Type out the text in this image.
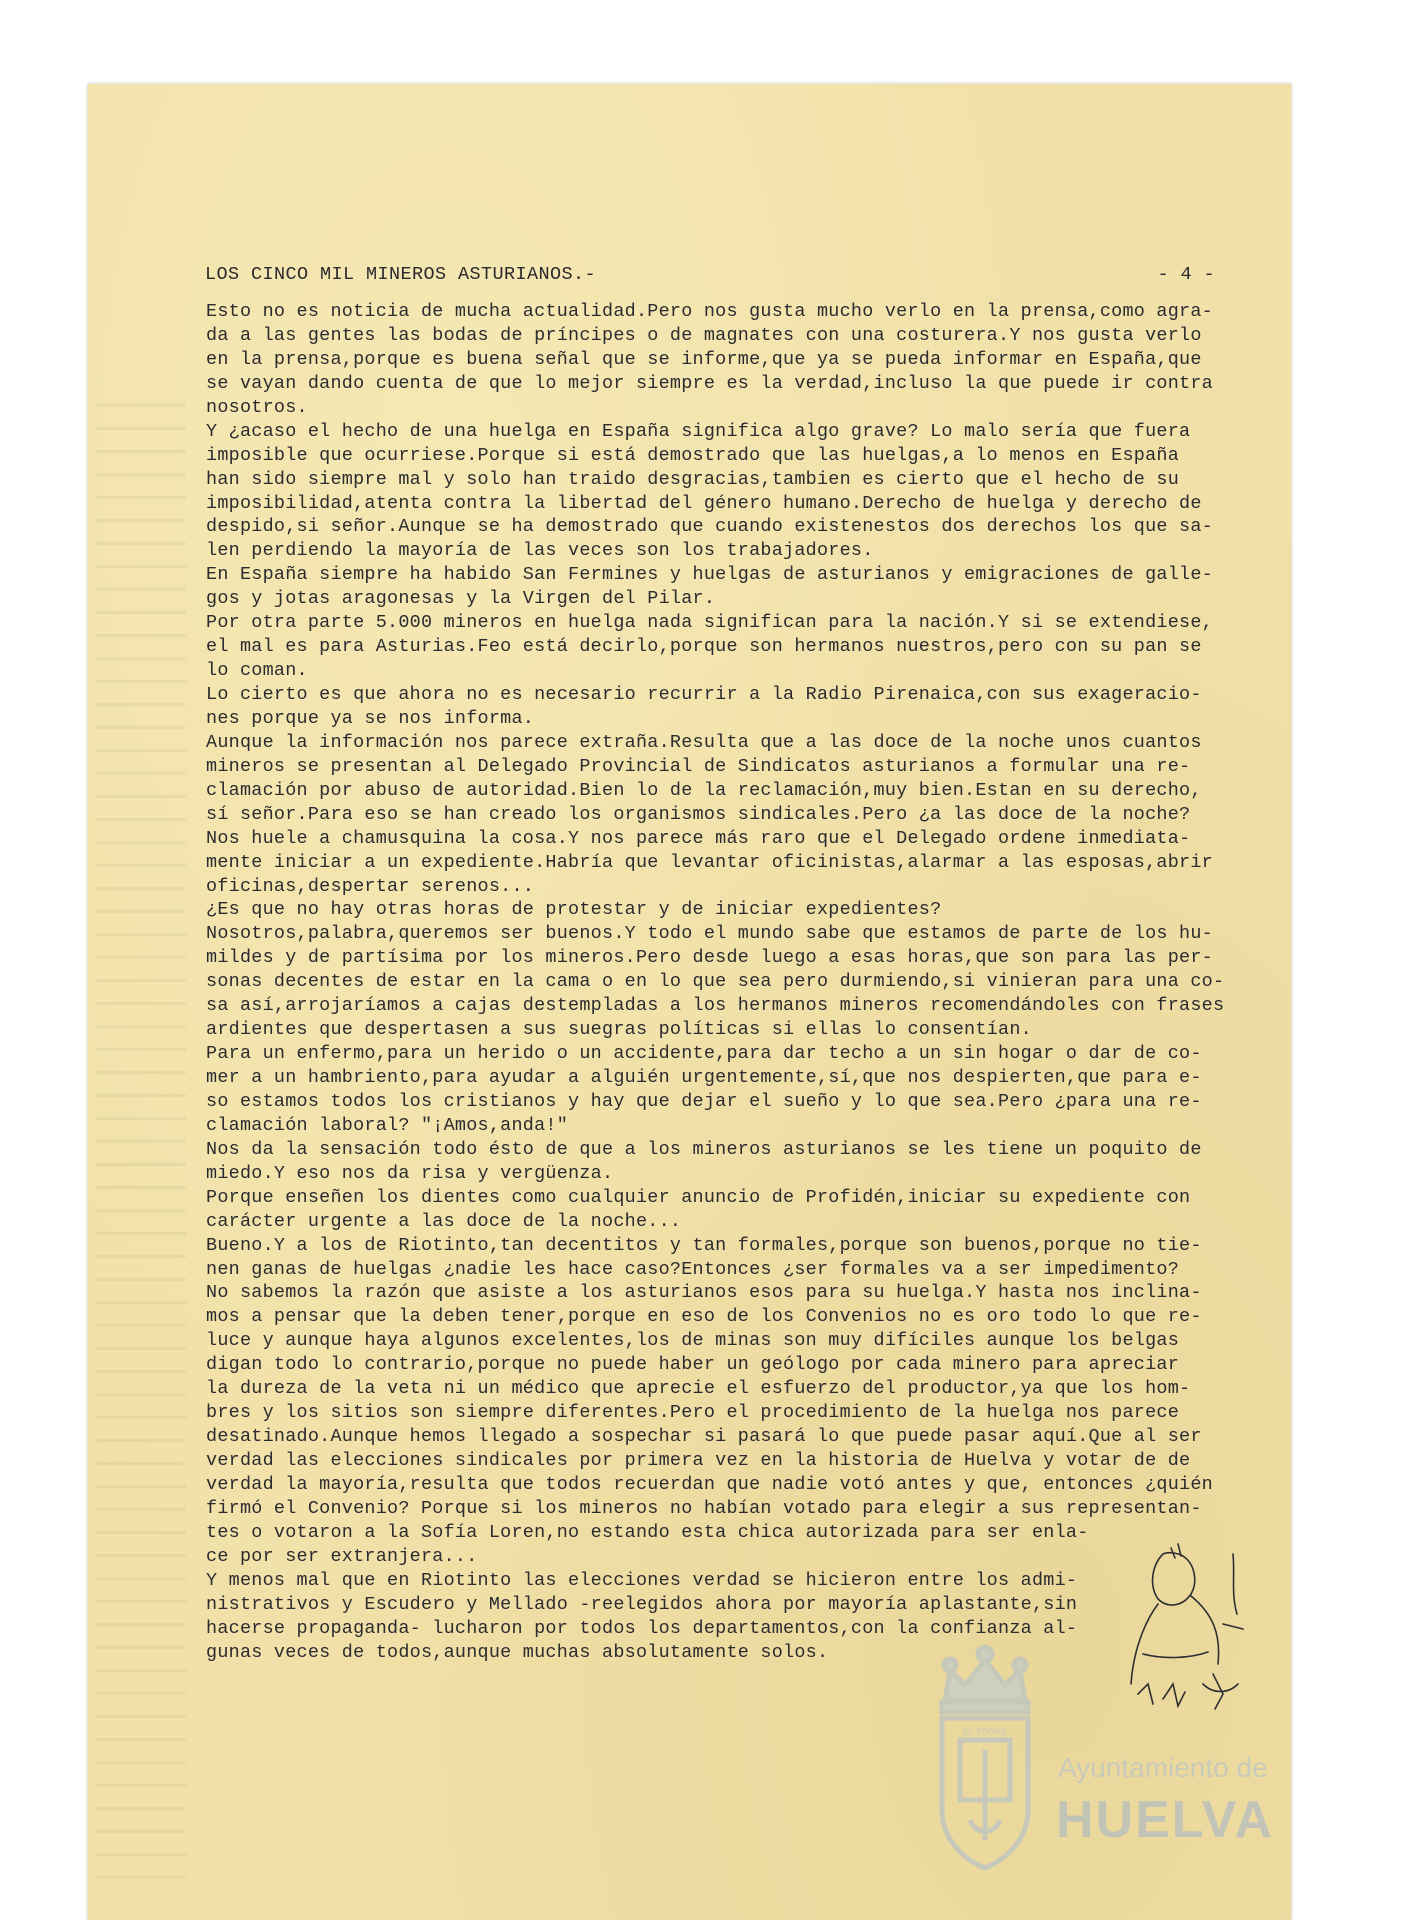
LOS CINCO MIL MINEROS ASTURIANOS.-	- 4 -
Esto no es noticia de mucha actualidad.Pero nos gusta mucho verlo en la prensa,como agra-
da a las gentes las bodas de príncipes o de magnates con una costurera.Y nos gusta verlo
en la prensa,porque es buena señal que se informe,que ya se pueda informar en España,que
se vayan dando cuenta de que lo mejor siempre es la verdad,incluso la que puede ir contra
nosotros.
Y ¿acaso el hecho de una huelga en España significa algo grave? Lo malo sería que fuera
imposible que ocurriese.Porque si está demostrado que las huelgas,a lo menos en España
han sido siempre mal y solo han traido desgracias,tambien es cierto que el hecho de su
imposibilidad,atenta contra la libertad del género humano.Derecho de huelga y derecho de
despido,si señor.Aunque se ha demostrado que cuando existenestos dos derechos los que sa-
len perdiendo la mayoría de las veces son los trabajadores.
En España siempre ha habido San Fermines y huelgas de asturianos y emigraciones de galle-
gos y jotas aragonesas y la Virgen del Pilar.
Por otra parte 5.000 mineros en huelga nada significan para la nación.Y si se extendiese,
el mal es para Asturias.Feo está decirlo,porque son hermanos nuestros,pero con su pan se
lo coman.
Lo cierto es que ahora no es necesario recurrir a la Radio Pirenaica,con sus exageracio-
nes porque ya se nos informa.
Aunque la información nos parece extraña.Resulta que a las doce de la noche unos cuantos
mineros se presentan al Delegado Provincial de Sindicatos asturianos a formular una re-
clamación por abuso de autoridad.Bien lo de la reclamación,muy bien.Estan en su derecho,
sí señor.Para eso se han creado los organismos sindicales.Pero ¿a las doce de la noche?
Nos huele a chamusquina la cosa.Y nos parece más raro que el Delegado ordene inmediata-
mente iniciar a un expediente.Habría que levantar oficinistas,alarmar a las esposas,abrir
oficinas,despertar serenos...
¿Es que no hay otras horas de protestar y de iniciar expedientes?
Nosotros,palabra,queremos ser buenos.Y todo el mundo sabe que estamos de parte de los hu-
mildes y de partísima por los mineros.Pero desde luego a esas horas,que son para las per-
sonas decentes de estar en la cama o en lo que sea pero durmiendo,si vinieran para una co-
sa así,arrojaríamos a cajas destempladas a los hermanos mineros recomendándoles con frases
ardientes que despertasen a sus suegras políticas si ellas lo consentían.
Para un enfermo,para un herido o un accidente,para dar techo a un sin hogar o dar de co-
mer a un hambriento,para ayudar a alguién urgentemente,sí,que nos despierten,que para e-
so estamos todos los cristianos y hay que dejar el sueño y lo que sea.Pero ¿para una re-
clamación laboral? "¡Amos,anda!"
Nos da la sensación todo ésto de que a los mineros asturianos se les tiene un poquito de
miedo.Y eso nos da risa y vergüenza.
Porque enseñen los dientes como cualquier anuncio de Profidén,iniciar su expediente con
carácter urgente a las doce de la noche...
Bueno.Y a los de Riotinto,tan decentitos y tan formales,porque son buenos,porque no tie-
nen ganas de huelgas ¿nadie les hace caso?Entonces ¿ser formales va a ser impedimento?
No sabemos la razón que asiste a los asturianos esos para su huelga.Y hasta nos inclina-
mos a pensar que la deben tener,porque en eso de los Convenios no es oro todo lo que re-
luce y aunque haya algunos excelentes,los de minas son muy difíciles aunque los belgas
digan todo lo contrario,porque no puede haber un geólogo por cada minero para apreciar
la dureza de la veta ni un médico que aprecie el esfuerzo del productor,ya que los hom-
bres y los sitios son siempre diferentes.Pero el procedimiento de la huelga nos parece
desatinado.Aunque hemos llegado a sospechar si pasará lo que puede pasar aquí.Que al ser
verdad las elecciones sindicales por primera vez en la historia de Huelva y votar de de
verdad la mayoría,resulta que todos recuerdan que nadie votó antes y que, entonces ¿quién
firmó el Convenio? Porque si los mineros no habían votado para elegir a sus representan-
tes o votaron a la Sofía Loren,no estando esta chica autorizada para ser enla-
ce por ser extranjera...
Y menos mal que en Riotinto las elecciones verdad se hicieron entre los admi-
nistrativos y Escudero y Mellado -reelegidos ahora por mayoría aplastante,sin
hacerse propaganda- lucharon por todos los departamentos,con la confianza al-
gunas veces de todos,aunque muchas absolutamente solos.
EL TORRE
Ayuntamiento de
HUELVA
